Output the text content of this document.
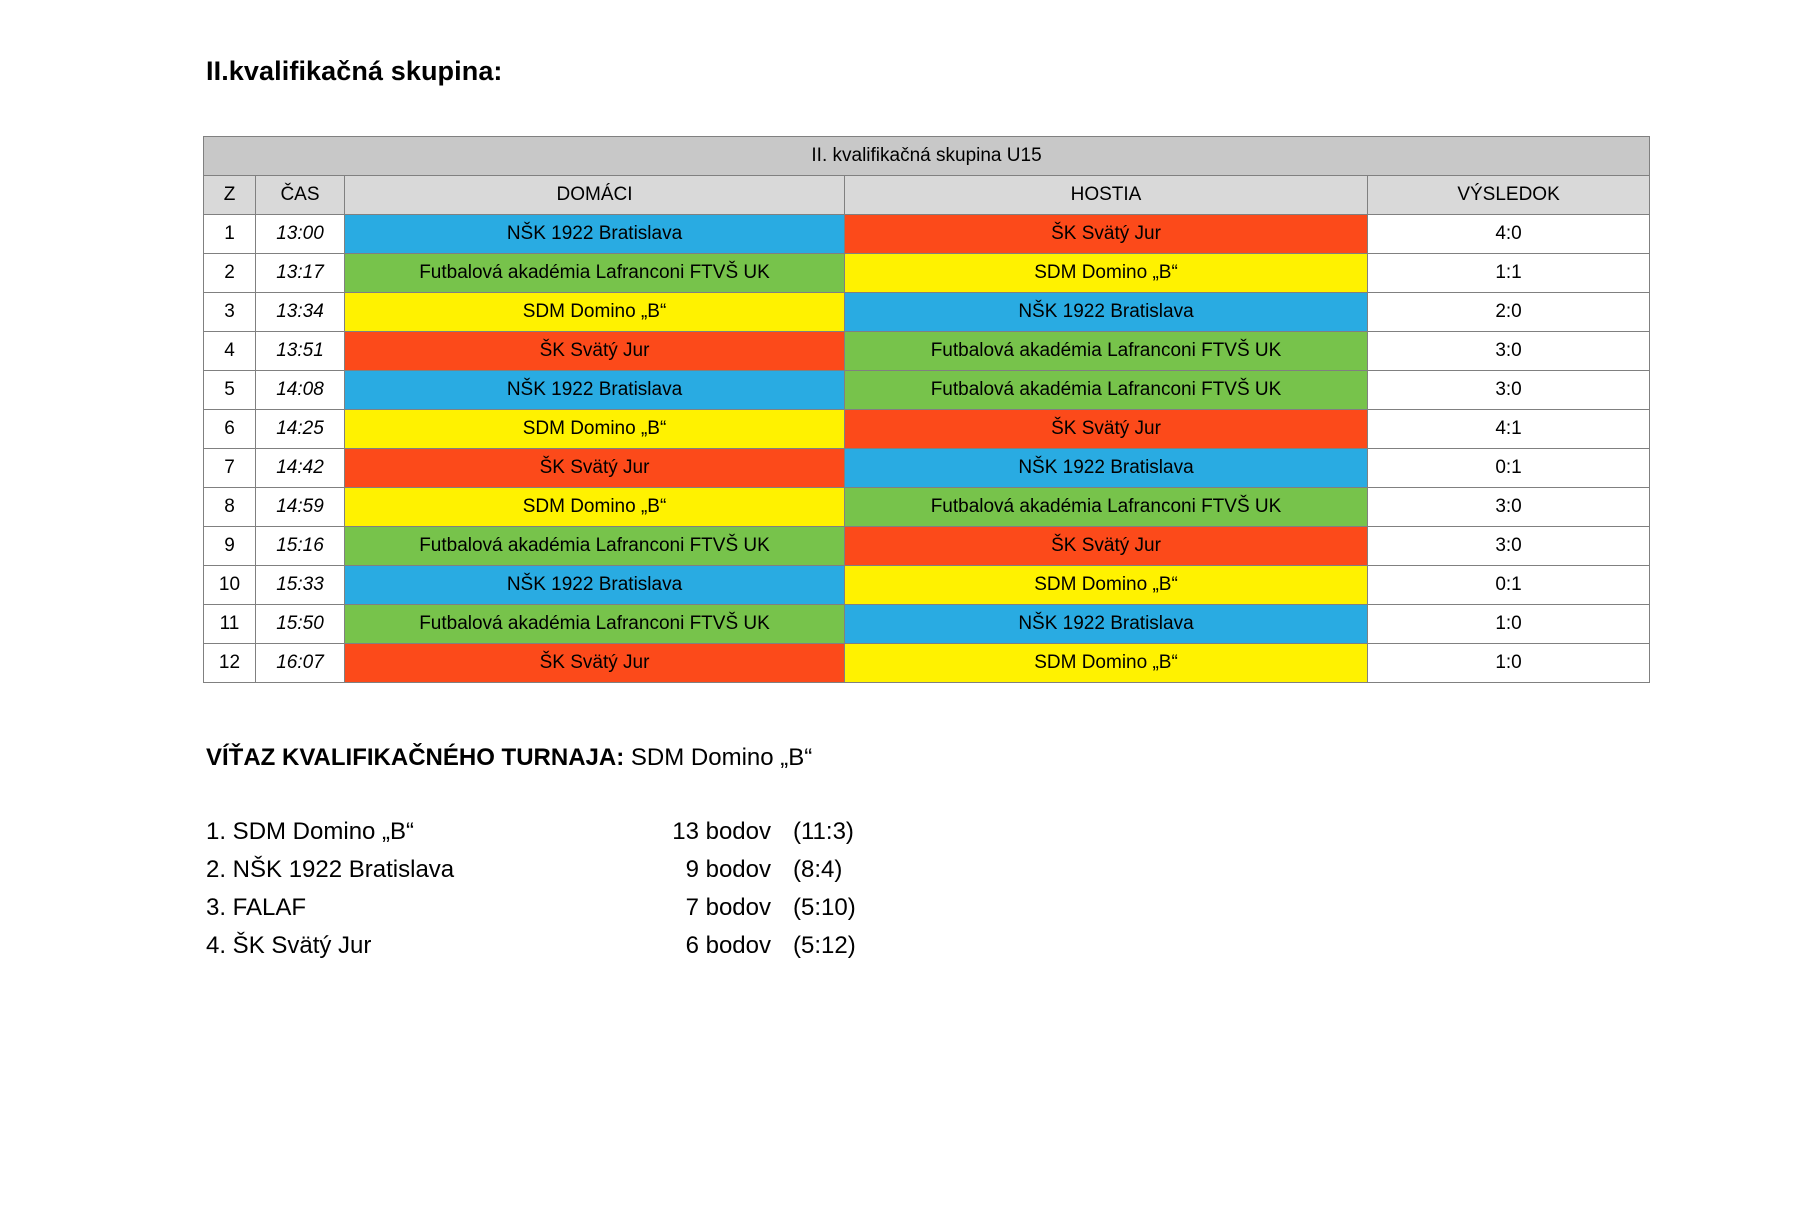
II.kvalifikačná skupina:
II. kvalifikačná skupina U15				
Z	ČAS	DOMÁCI	HOSTIA	VÝSLEDOK
1	13:00	NŠK 1922 Bratislava	ŠK Svätý Jur	4:0
2	13:17	Futbalová akadémia Lafranconi FTVŠ UK	SDM Domino „B“	1:1
3	13:34	SDM Domino „B“	NŠK 1922 Bratislava	2:0
4	13:51	ŠK Svätý Jur	Futbalová akadémia Lafranconi FTVŠ UK	3:0
5	14:08	NŠK 1922 Bratislava	Futbalová akadémia Lafranconi FTVŠ UK	3:0
6	14:25	SDM Domino „B“	ŠK Svätý Jur	4:1
7	14:42	ŠK Svätý Jur	NŠK 1922 Bratislava	0:1
8	14:59	SDM Domino „B“	Futbalová akadémia Lafranconi FTVŠ UK	3:0
9	15:16	Futbalová akadémia Lafranconi FTVŠ UK	ŠK Svätý Jur	3:0
10	15:33	NŠK 1922 Bratislava	SDM Domino „B“	0:1
11	15:50	Futbalová akadémia Lafranconi FTVŠ UK	NŠK 1922 Bratislava	1:0
12	16:07	ŠK Svätý Jur	SDM Domino „B“	1:0
VÍŤAZ KVALIFIKAČNÉHO TURNAJA: SDM Domino „B“
1. SDM Domino „B“	13 bodov (11:3)
2. NŠK 1922 Bratislava	9 bodov (8:4)
3. FALAF	7 bodov (5:10)
4. ŠK Svätý Jur	6 bodov (5:12)
